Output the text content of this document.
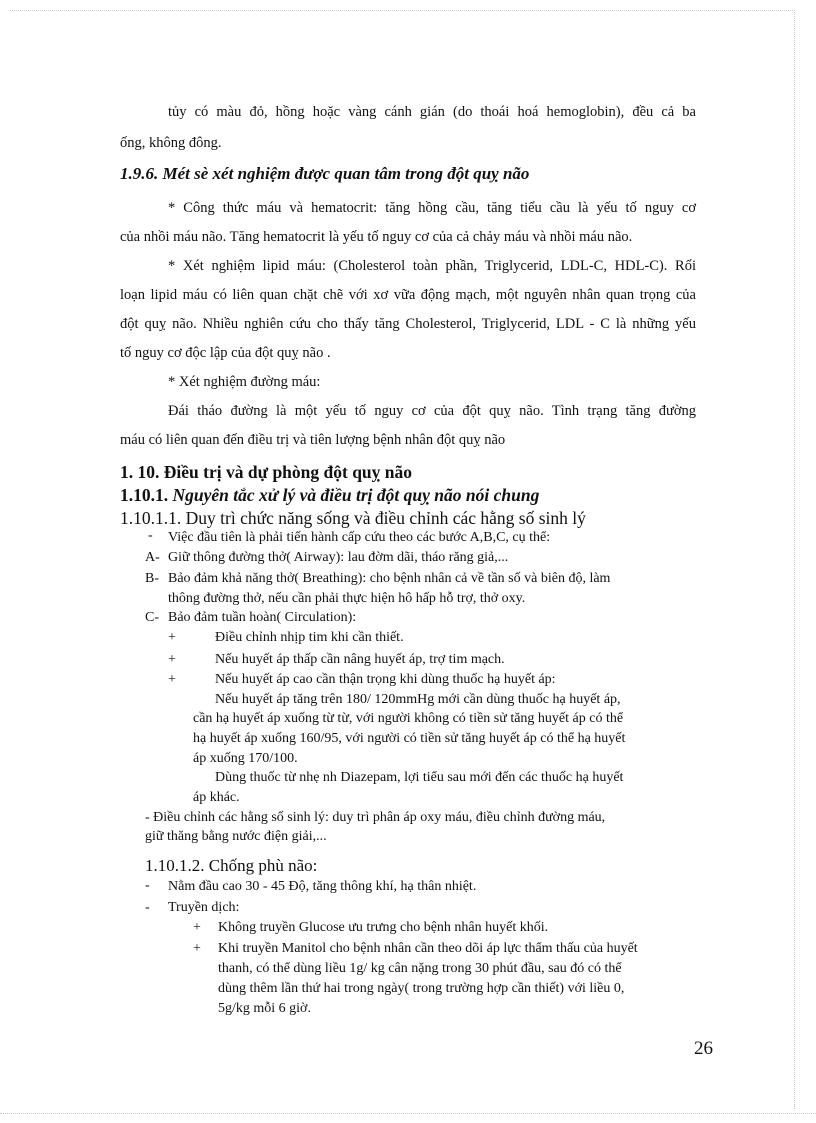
tủy có màu đỏ, hồng hoặc vàng cánh gián (do thoái hoá hemoglobin), đều cả ba
ống, không đông.
1.9.6. Mét sè xét nghiệm được quan tâm trong đột quỵ não
* Công thức máu và hematocrit: tăng hồng cầu, tăng tiểu cầu là yếu tố nguy cơ
của nhồi máu não. Tăng hematocrit là yếu tố nguy cơ của cả chảy máu và nhồi máu não.
* Xét nghiệm lipid máu: (Cholesterol toàn phần, Triglycerid, LDL-C, HDL-C). Rối
loạn lipid máu có liên quan chặt chẽ với xơ vữa động mạch, một nguyên nhân quan trọng của
đột quỵ não. Nhiều nghiên cứu cho thấy tăng Cholesterol, Triglycerid, LDL - C là những yếu
tố nguy cơ độc lập của đột quỵ não .
* Xét nghiệm đường máu:
Đái tháo đường là một yếu tố nguy cơ của đột quỵ não. Tình trạng tăng đường
máu có liên quan đến điều trị và tiên lượng bệnh nhân đột quỵ não
1. 10. Điều trị và dự phòng đột quỵ não
1.10.1. Nguyên tắc xử lý và điều trị đột quỵ não nói chung
1.10.1.1. Duy trì chức năng sống và điều chỉnh các hằng số sinh lý
- Việc đầu tiên là phải tiến hành cấp cứu theo các bước A,B,C, cụ thể:
A- Giữ thông đường thở( Airway): lau đờm dãi, tháo răng giả,...
B- Bảo đảm khả năng thở( Breathing): cho bệnh nhân cả về tần số và biên độ, làm
thông đường thở, nếu cần phải thực hiện hô hấp hỗ trợ, thở oxy.
C- Bảo đảm tuần hoàn( Circulation):
+	Điều chỉnh nhịp tim khi cần thiết.
+	Nếu huyết áp thấp cần nâng huyết áp, trợ tim mạch.
+	Nếu huyết áp cao cần thận trọng khi dùng thuốc hạ huyết áp:
Nếu huyết áp tăng trên 180/ 120mmHg mới cần dùng thuốc hạ huyết áp,
cần hạ huyết áp xuống từ từ, với người không có tiền sử tăng huyết áp có thể
hạ huyết áp xuống 160/95, với người có tiền sử tăng huyết áp có thể hạ huyết
áp xuống 170/100.
Dùng thuốc từ nhẹ nh Diazepam, lợi tiểu sau mới đến các thuốc hạ huyết
áp khác.
- Điều chỉnh các hằng số sinh lý: duy trì phân áp oxy máu, điều chỉnh đường máu,
giữ thăng bằng nước điện giải,...
1.10.1.2. Chống phù não:
- Nằm đầu cao 30 - 45 Độ, tăng thông khí, hạ thân nhiệt.
- Truyền dịch:
+ Không truyền Glucose ưu trưng cho bệnh nhân huyết khối.
+ Khi truyền Manitol cho bệnh nhân cần theo dõi áp lực thẩm thấu của huyết
thanh, có thể dùng liều 1g/ kg cân nặng trong 30 phút đầu, sau đó có thể
dùng thêm lần thứ hai trong ngày( trong trường hợp cần thiết) với liều 0,
5g/kg mỗi 6 giờ.
26
